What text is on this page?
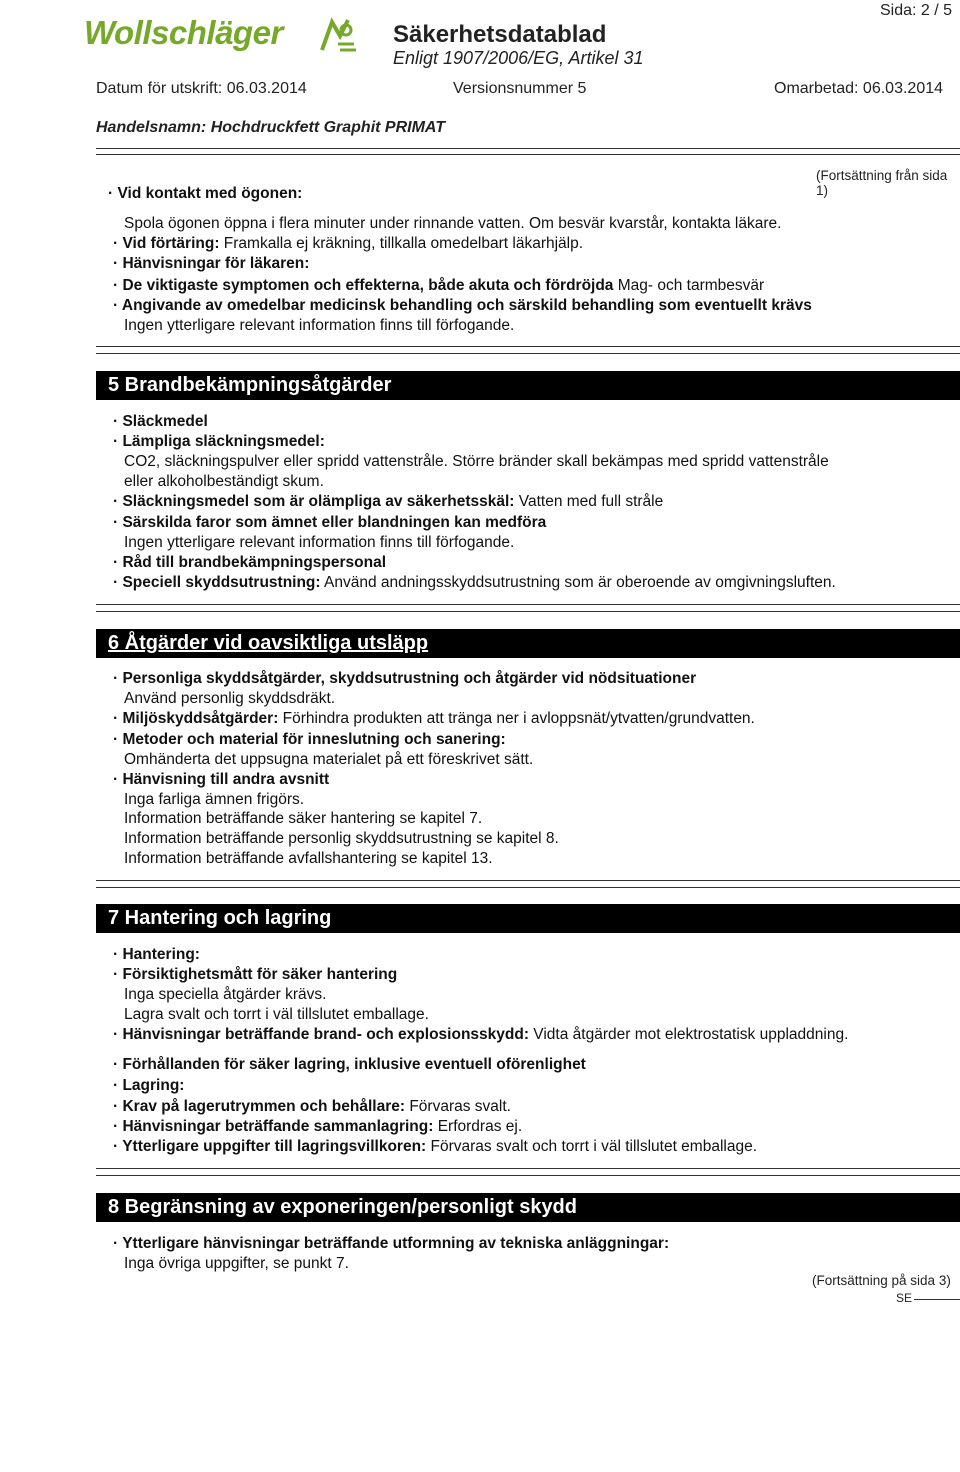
Wollschläger	Säkerhetsdatablad
Enligt 1907/2006/EG, Artikel 31
Sida: 2 / 5
Datum för utskrift: 06.03.2014	Versionsnummer 5	Omarbetad: 06.03.2014
Handelsnamn: Hochdruckfett Graphit PRIMAT
(Fortsättning från sida 1)
· Vid kontakt med ögonen:
Spola ögonen öppna i flera minuter under rinnande vatten. Om besvär kvarstår, kontakta läkare.
· Vid förtäring: Framkalla ej kräkning, tillkalla omedelbart läkarhjälp.
· Hänvisningar för läkaren:
· De viktigaste symptomen och effekterna, både akuta och fördröjda Mag- och tarmbesvär
· Angivande av omedelbar medicinsk behandling och särskild behandling som eventuellt krävs
Ingen ytterligare relevant information finns till förfogande.
5 Brandbekämpningsåtgärder
· Släckmedel
· Lämpliga släckningsmedel:
CO2, släckningspulver eller spridd vattenstråle. Större bränder skall bekämpas med spridd vattenstråle
eller alkoholbeständigt skum.
· Släckningsmedel som är olämpliga av säkerhetsskäl: Vatten med full stråle
· Särskilda faror som ämnet eller blandningen kan medföra
Ingen ytterligare relevant information finns till förfogande.
· Råd till brandbekämpningspersonal
· Speciell skyddsutrustning: Använd andningsskyddsutrustning som är oberoende av omgivningsluften.
6 Åtgärder vid oavsiktliga utsläpp
· Personliga skyddsåtgärder, skyddsutrustning och åtgärder vid nödsituationer
Använd personlig skyddsdräkt.
· Miljöskyddsåtgärder: Förhindra produkten att tränga ner i avloppsnät/ytvatten/grundvatten.
· Metoder och material för inneslutning och sanering:
Omhänderta det uppsugna materialet på ett föreskrivet sätt.
· Hänvisning till andra avsnitt
Inga farliga ämnen frigörs.
Information beträffande säker hantering se kapitel 7.
Information beträffande personlig skyddsutrustning se kapitel 8.
Information beträffande avfallshantering se kapitel 13.
7 Hantering och lagring
· Hantering:
· Försiktighetsmått för säker hantering
Inga speciella åtgärder krävs.
Lagra svalt och torrt i väl tillslutet emballage.
· Hänvisningar beträffande brand- och explosionsskydd: Vidta åtgärder mot elektrostatisk uppladdning.
· Förhållanden för säker lagring, inklusive eventuell oförenlighet
· Lagring:
· Krav på lagerutrymmen och behållare: Förvaras svalt.
· Hänvisningar beträffande sammanlagring: Erfordras ej.
· Ytterligare uppgifter till lagringsvillkoren: Förvaras svalt och torrt i väl tillslutet emballage.
8 Begränsning av exponeringen/personligt skydd
· Ytterligare hänvisningar beträffande utformning av tekniska anläggningar:
Inga övriga uppgifter, se punkt 7.
(Fortsättning på sida 3)
SE
